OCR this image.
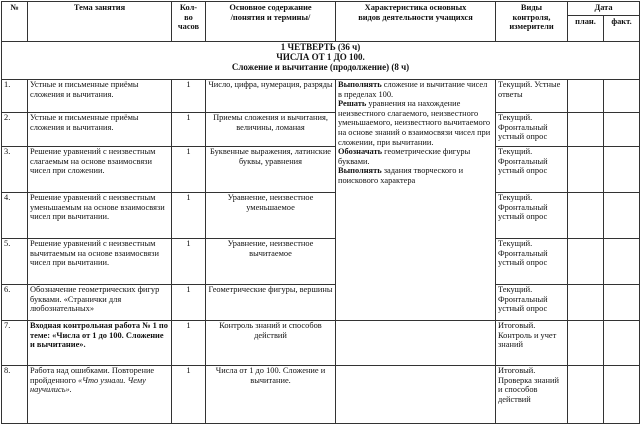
№	Тема занятия	Кол-
во
часов	Основное содержание
/понятия и термины/	Характеристика основных
видов деятельности учащихся	Виды
контроля,
измерители	Дата	
						план.	факт.

1 ЧЕТВЕРТЬ (36 ч)
ЧИСЛА ОТ 1 ДО 100.
Сложение и вычитание (продолжение) (8 ч)							

1.	Устные и письменные приёмы сложения и вычитания.	1	Число, цифра, нумерация, разряды	Выполнять сложение и вычитание чисел в пределах 100.
Решать уравнения на нахождение неизвестного слагаемого, неизвестного уменьшаемого, неизвестного вычитаемого на основе знаний о взаимосвязи чисел при сложении, при вычитании.
Обозначать геометрические фигуры буквами.
Выполнять задания творческого и поискового характера	Текущий. Устные ответы		
2.	Устные и письменные приёмы сложения и вычитания.	1	Приемы сложения и вычитания, величины, ломаная		Текущий. Фронтальный устный опрос		
3.	Решение уравнений с неизвестным слагаемым на основе взаимосвязи чисел при сложении.	1	Буквенные выражения, латинские буквы, уравнения		Текущий. Фронтальный устный опрос		
4.	Решение уравнений с неизвестным уменьшаемым на основе взаимосвязи чисел при вычитании.	1	Уравнение, неизвестное уменьшаемое		Текущий. Фронтальный устный опрос		
5.	Решение уравнений с неизвестным вычитаемым на основе взаимосвязи чисел при вычитании.	1	Уравнение, неизвестное вычитаемое		Текущий. Фронтальный устный опрос		
6.	Обозначение геометрических фигур буквами. «Странички для любознательных»	1	Геометрические фигуры, вершины		Текущий. Фронтальный устный опрос		
7.	Входная контрольная работа № 1 по теме: «Числа от 1 до 100. Сложение и вычитание».	1	Контроль знаний и способов действий		Итоговый. Контроль и учет знаний		
8.	Работа над ошибками. Повторение пройденного «Что узнали. Чему научились».	1	Числа от 1 до 100. Сложение и вычитание.		Итоговый. Проверка знаний и способов действий		
